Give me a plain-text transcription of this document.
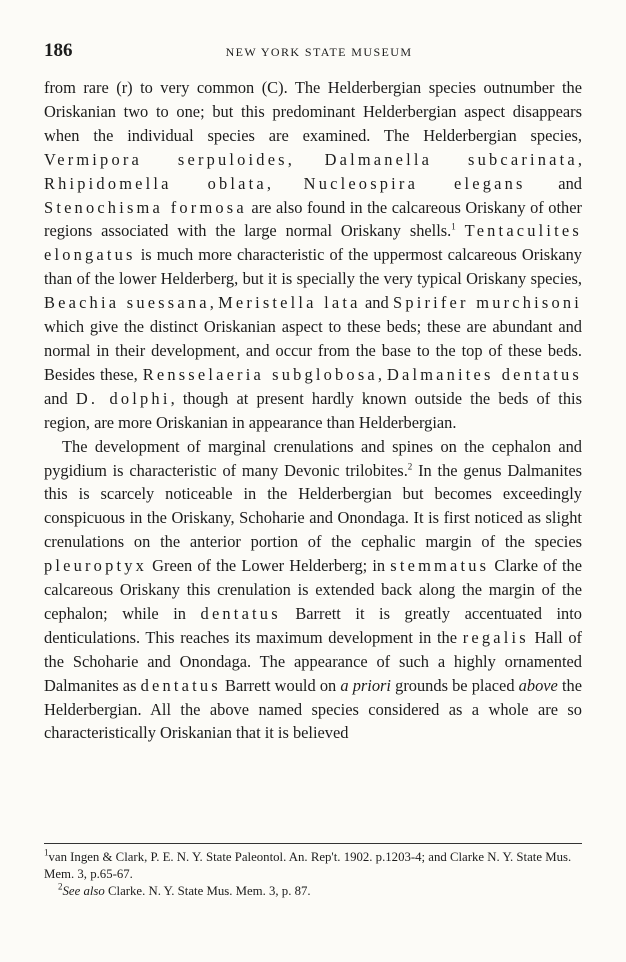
186	NEW YORK STATE MUSEUM

from rare (r) to very common (C). The Helderbergian species outnumber the Oriskanian two to one; but this predominant Helderbergian aspect disappears when the individual species are examined. The Helderbergian species, Vermipora serpuloides, Dalmanella subcarinata, Rhipidomella oblata, Nucleospira elegans and Stenochisma formosa are also found in the calcareous Oriskany of other regions associated with the large normal Oriskany shells.$^1$ Tentaculites elongatus is much more characteristic of the uppermost calcareous Oriskany than of the lower Helderberg, but it is specially the very typical Oriskany species, Beachia suessana, Meristella lata and Spirifer murchisoni which give the distinct Oriskanian aspect to these beds; these are abundant and normal in their development, and occur from the base to the top of these beds. Besides these, Rensselaeria subglobosa, Dalmanites dentatus and D. dolphi, though at present hardly known outside the beds of this region, are more Oriskanian in appearance than Helderbergian.

The development of marginal crenulations and spines on the cephalon and pygidium is characteristic of many Devonic trilobites.$^2$ In the genus Dalmanites this is scarcely noticeable in the Helderbergian but becomes exceedingly conspicuous in the Oriskany, Schoharie and Onondaga. It is first noticed as slight crenulations on the anterior portion of the cephalic margin of the species pleuroptyx Green of the Lower Helderberg; in stemmatus Clarke of the calcareous Oriskany this crenulation is extended back along the margin of the cephalon; while in dentatus Barrett it is greatly accentuated into denticulations. This reaches its maximum development in the regalis Hall of the Schoharie and Onondaga. The appearance of such a highly ornamented Dalmanites as dentatus Barrett would on a priori grounds be placed above the Helderbergian. All the above named species considered as a whole are so characteristically Oriskanian that it is believed

$^1$van Ingen & Clark, P. E. N. Y. State Paleontol. An. Rep't. 1902. p.1203-4; and Clarke N. Y. State Mus. Mem. 3, p.65-67.

$^2$See also Clarke. N. Y. State Mus. Mem. 3, p. 87.
